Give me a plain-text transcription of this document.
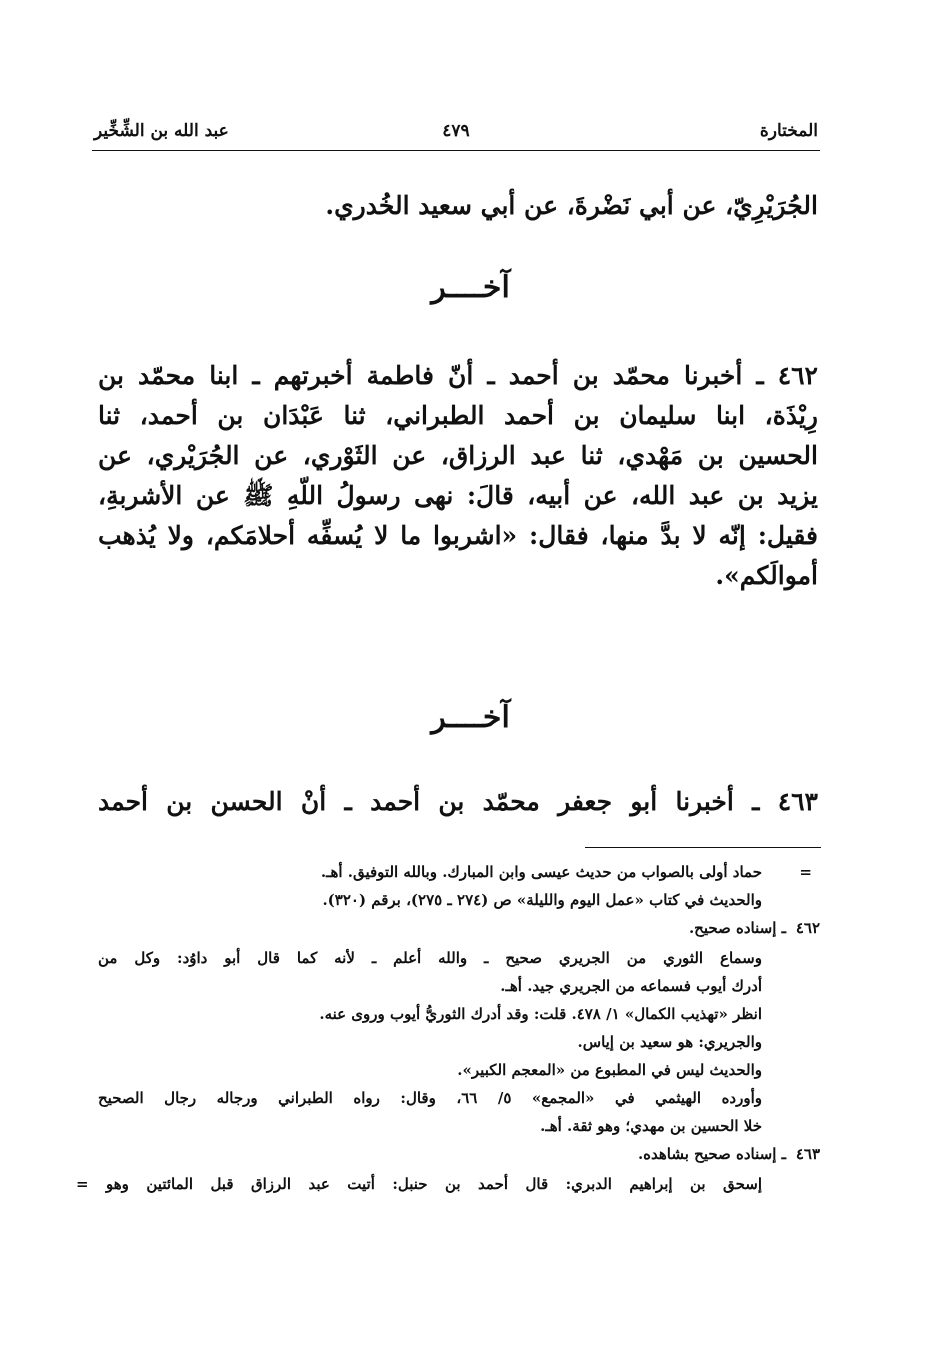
المختارة
٤٧٩
عبد الله بن الشِّخِّير
الجُرَيْرِيّ، عن أبي نَضْرةَ، عن أبي سعيد الخُدري.
آخــــر
٤٦٢ ـ أخبرنا محمّد بن أحمد ـ أنّ فاطمة أخبرتهم ـ ابنا محمّد بن
رِيْذَة، ابنا سليمان بن أحمد الطبراني، ثنا عَبْدَان بن أحمد، ثنا
الحسين بن مَهْدي، ثنا عبد الرزاق، عن الثَوْري، عن الجُرَيْري، عن
يزيد بن عبد الله، عن أبيه، قالَ: نهى رسولُ اللّهِ ﷺ عن الأشربةِ،
فقيل: إنّه لا بدَّ منها، فقال: «اشربوا ما لا يُسفِّه أحلامَكم، ولا يُذهب
أموالَكم».
آخــــر
٤٦٣ ـ أخبرنا أبو جعفر محمّد بن أحمد ـ أنْ الحسن بن أحمد
=
حماد أولى بالصواب من حديث عيسى وابن المبارك. وبالله التوفيق. أهـ.
والحديث في كتاب «عمل اليوم والليلة» ص (٢٧٤ ـ ٢٧٥)، برقم (٣٢٠).
٤٦٢
ـ إسناده صحيح.
وسماع الثوري من الجريري صحيح ـ والله أعلم ـ لأنه كما قال أبو داوُد: وكل من
أدرك أيوب فسماعه من الجريري جيد. أهـ.
انظر «تهذيب الكمال» ١/ ٤٧٨. قلت: وقد أدرك الثوريُّ أيوب وروى عنه.
والجريري: هو سعيد بن إياس.
والحديث ليس في المطبوع من «المعجم الكبير».
وأورده الهيثمي في «المجمع» ٥/ ٦٦، وقال: رواه الطبراني ورجاله رجال الصحيح
خلا الحسين بن مهدي؛ وهو ثقة. أهـ.
٤٦٣
ـ إسناده صحيح بشاهده.
إسحق بن إبراهيم الدبري: قال أحمد بن حنبل: أتيت عبد الرزاق قبل المائتين وهو =
